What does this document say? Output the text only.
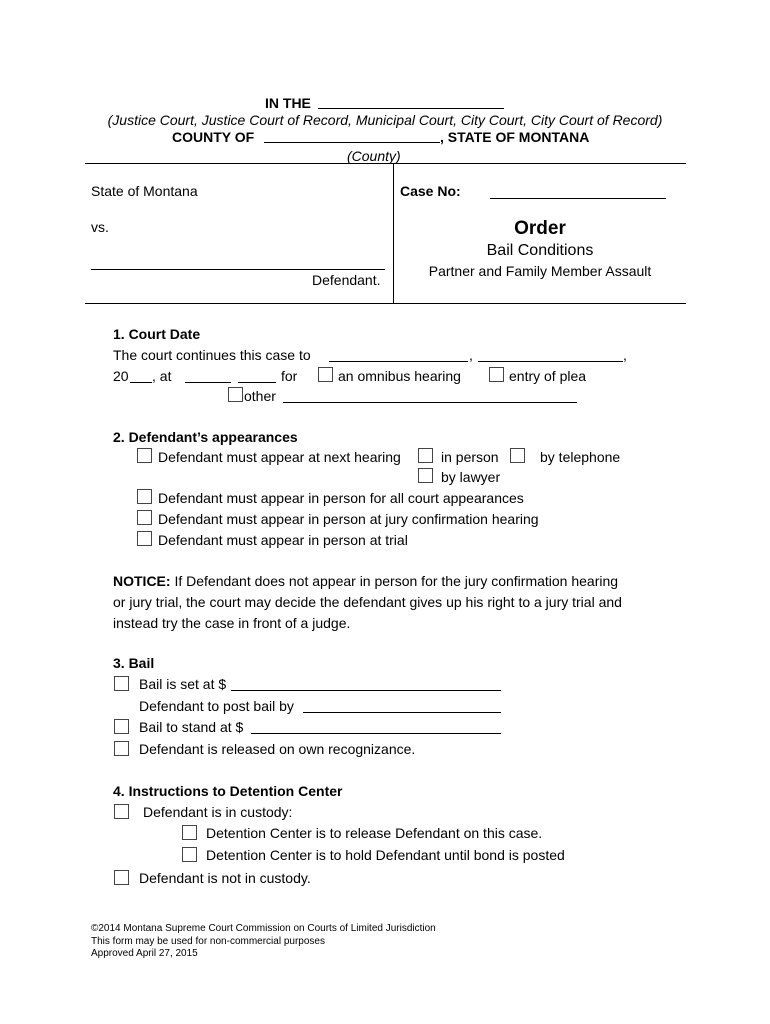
IN THE
(Justice Court, Justice Court of Record, Municipal Court, City Court, City Court of Record)
COUNTY OF	, STATE OF MONTANA
(County)
State of Montana
vs.
Defendant.
Case No:
Order
Bail Conditions
Partner and Family Member Assault
1. Court Date
The court continues this case to	,	,
20 , at	for	an omnibus hearing	entry of plea
other
2. Defendant’s appearances
Defendant must appear at next hearing	in person	by telephone
by lawyer
Defendant must appear in person for all court appearances
Defendant must appear in person at jury confirmation hearing
Defendant must appear in person at trial
NOTICE: If Defendant does not appear in person for the jury confirmation hearing
or jury trial, the court may decide the defendant gives up his right to a jury trial and
instead try the case in front of a judge.
3. Bail
Bail is set at $
Defendant to post bail by
Bail to stand at $
Defendant is released on own recognizance.
4. Instructions to Detention Center
Defendant is in custody:
Detention Center is to release Defendant on this case.
Detention Center is to hold Defendant until bond is posted
Defendant is not in custody.
©2014 Montana Supreme Court Commission on Courts of Limited Jurisdiction
This form may be used for non-commercial purposes
Approved April 27, 2015
